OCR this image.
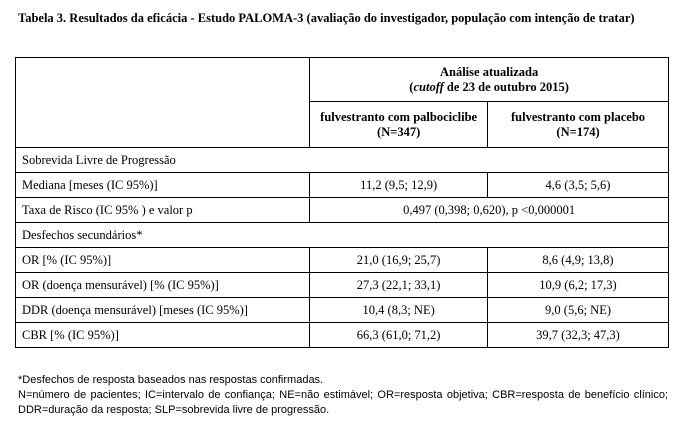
Tabela 3. Resultados da eficácia - Estudo PALOMA-3 (avaliação do investigador, população com intenção de tratar)

	Análise atualizada
(cutoff de 23 de outubro 2015)	

	fulvestranto com palbociclibe (N=347)	fulvestranto com placebo (N=174)
Sobrevida Livre de Progressão		
Mediana [meses (IC 95%)]	11,2 (9,5; 12,9)	4,6 (3,5; 5,6)
Taxa de Risco (IC 95% ) e valor p	0,497 (0,398; 0,620), p <0,000001	
Desfechos secundários*		
OR [% (IC 95%)]	21,0 (16,9; 25,7)	8,6 (4,9; 13,8)
OR (doença mensurável) [% (IC 95%)]	27,3 (22,1; 33,1)	10,9 (6,2; 17,3)
DDR (doença mensurável) [meses (IC 95%)]	10,4 (8,3; NE)	9,0 (5,6; NE)
CBR [% (IC 95%)]	66,3 (61,0; 71,2)	39,7 (32,3; 47,3)
*Desfechos de resposta baseados nas respostas confirmadas.
N=número de pacientes; IC=intervalo de confiança; NE=não estimável; OR=resposta objetiva; CBR=resposta de benefício clínico; DDR=duração da resposta; SLP=sobrevida livre de progressão.
